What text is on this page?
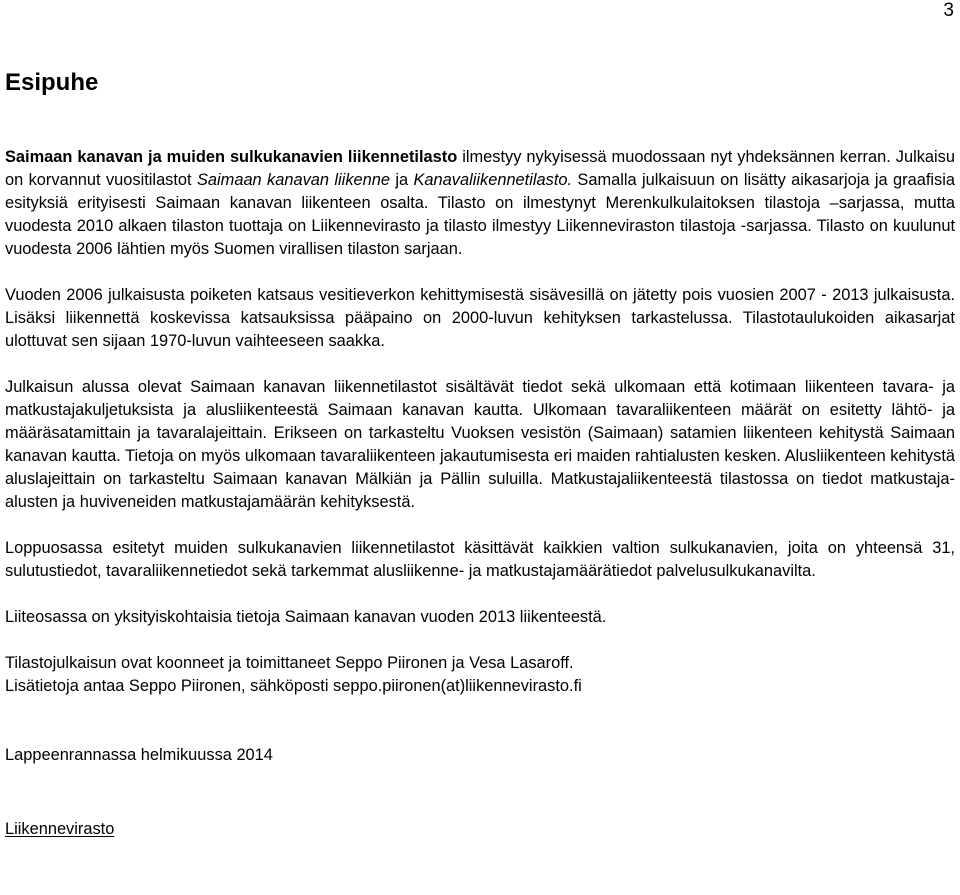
3
Esipuhe

Saimaan kanavan ja muiden sulkukanavien liikennetilasto ilmestyy nykyisessä muodossaan nyt yhdeksännen kerran. Julkaisu on korvannut vuositilastot Saimaan kanavan liikenne ja Kanavaliikennetilasto. Samalla julkaisuun on lisätty aikasarjoja ja graafisia esityksiä erityisesti Saimaan kanavan liikenteen osalta. Tilasto on ilmestynyt Merenkulkulaitoksen tilastoja –sarjassa, mutta vuodesta 2010 alkaen tilaston tuottaja on Liikennevirasto ja tilasto ilmestyy Liikenneviraston tilastoja -sarjassa. Tilasto on kuulunut vuodesta 2006 lähtien myös Suomen virallisen tilaston sarjaan.

Vuoden 2006 julkaisusta poiketen katsaus vesitieverkon kehittymisestä sisävesillä on jätetty pois vuosien 2007 - 2013 julkaisusta. Lisäksi liikennettä koskevissa katsauksissa pääpaino on 2000-luvun kehityksen tarkastelussa. Tilastotaulukoiden aikasarjat ulottuvat sen sijaan 1970-luvun vaihteeseen saakka.

Julkaisun alussa olevat Saimaan kanavan liikennetilastot sisältävät tiedot sekä ulkomaan että kotimaan liikenteen tavara- ja matkustajakuljetuksista ja alusliikenteestä Saimaan kanavan kautta. Ulkomaan tavaraliikenteen määrät on esitetty lähtö- ja määräsatamittain ja tavaralajeittain. Erikseen on tarkasteltu Vuoksen vesistön (Saimaan) satamien liikenteen kehitystä Saimaan kanavan kautta. Tietoja on myös ulkomaan tavaraliikenteen jakautumisesta eri maiden rahtialusten kesken. Alusliikenteen kehitystä aluslajeittain on tarkasteltu Saimaan kanavan Mälkiän ja Pällin suluilla. Matkustajaliikenteestä tilastossa on tiedot matkustaja-alusten ja huviveneiden matkustajamäärän kehityksestä.

Loppuosassa esitetyt muiden sulkukanavien liikennetilastot käsittävät kaikkien valtion sulkukanavien, joita on yhteensä 31, sulutustiedot, tavaraliikennetiedot sekä tarkemmat alusliikenne- ja matkustajamäärätiedot palvelusulkukanavilta.

Liiteosassa on yksityiskohtaisia tietoja Saimaan kanavan vuoden 2013 liikenteestä.

Tilastojulkaisun ovat koonneet ja toimittaneet Seppo Piironen ja Vesa Lasaroff.

Lisätietoja antaa Seppo Piironen, sähköposti seppo.piironen(at)liikennevirasto.fi

Lappeenrannassa helmikuussa 2014

Liikennevirasto
